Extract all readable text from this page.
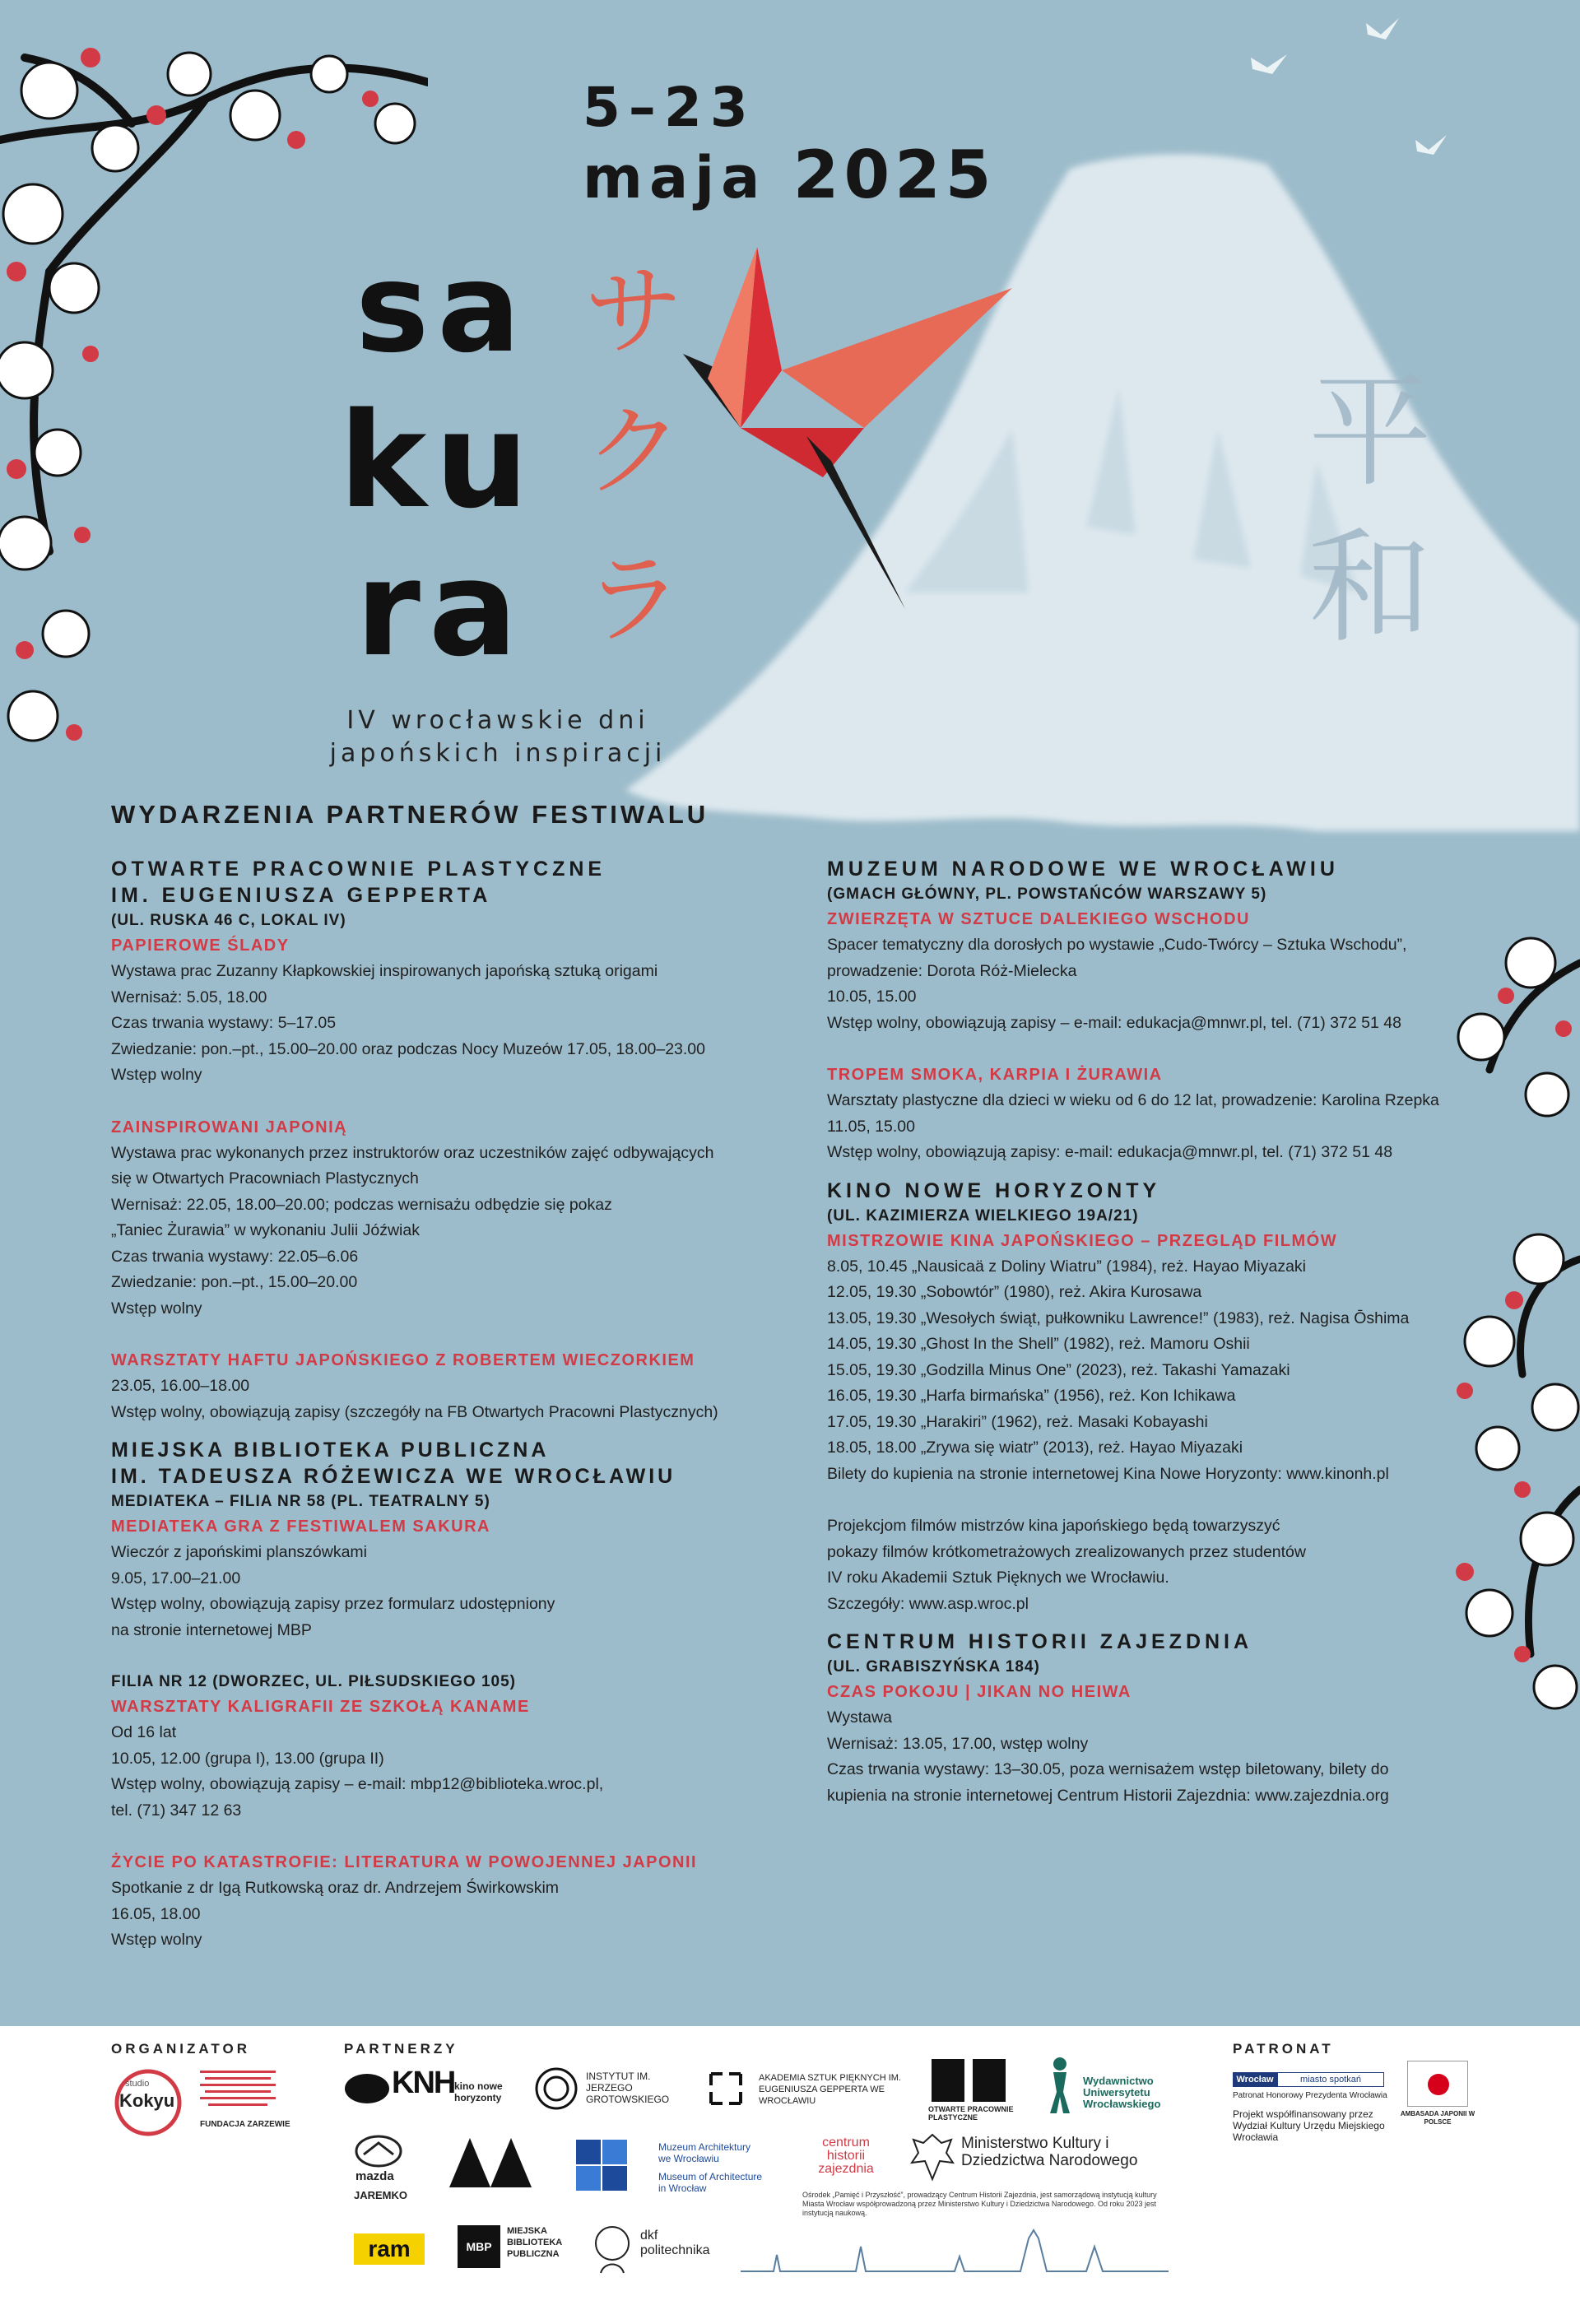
平
和
5–23
maja 2025
sa
ku
ra
サ
ク
ラ
IV wrocławskie dni
japońskich inspiracji
WYDARZENIA PARTNERÓW FESTIWALU
OTWARTE PRACOWNIE PLASTYCZNE
IM. EUGENIUSZA GEPPERTA
(UL. RUSKA 46 C, LOKAL IV)
PAPIEROWE ŚLADY
Wystawa prac Zuzanny Kłapkowskiej inspirowanych japońską sztuką origami
Wernisaż: 5.05, 18.00
Czas trwania wystawy: 5–17.05
Zwiedzanie: pon.–pt., 15.00–20.00 oraz podczas Nocy Muzeów 17.05, 18.00–23.00
Wstęp wolny
ZAINSPIROWANI JAPONIĄ
Wystawa prac wykonanych przez instruktorów oraz uczestników zajęć odbywających
się w Otwartych Pracowniach Plastycznych
Wernisaż: 22.05, 18.00–20.00; podczas wernisażu odbędzie się pokaz
„Taniec Żurawia” w wykonaniu Julii Jóźwiak
Czas trwania wystawy: 22.05–6.06
Zwiedzanie: pon.–pt., 15.00–20.00
Wstęp wolny
WARSZTATY HAFTU JAPOŃSKIEGO Z ROBERTEM WIECZORKIEM
23.05, 16.00–18.00
Wstęp wolny, obowiązują zapisy (szczegóły na FB Otwartych Pracowni Plastycznych)
MIEJSKA BIBLIOTEKA PUBLICZNA
IM. TADEUSZA RÓŻEWICZA WE WROCŁAWIU
MEDIATEKA – FILIA NR 58 (PL. TEATRALNY 5)
MEDIATEKA GRA Z FESTIWALEM SAKURA
Wieczór z japońskimi planszówkami
9.05, 17.00–21.00
Wstęp wolny, obowiązują zapisy przez formularz udostępniony
na stronie internetowej MBP
FILIA NR 12 (DWORZEC, UL. PIŁSUDSKIEGO 105)
WARSZTATY KALIGRAFII ZE SZKOŁĄ KANAME
Od 16 lat
10.05, 12.00 (grupa I), 13.00 (grupa II)
Wstęp wolny, obowiązują zapisy – e-mail: mbp12@biblioteka.wroc.pl,
tel. (71) 347 12 63
ŻYCIE PO KATASTROFIE: LITERATURA W POWOJENNEJ JAPONII
Spotkanie z dr Igą Rutkowską oraz dr. Andrzejem Świrkowskim
16.05, 18.00
Wstęp wolny
MUZEUM NARODOWE WE WROCŁAWIU
(GMACH GŁÓWNY, PL. POWSTAŃCÓW WARSZAWY 5)
ZWIERZĘTA W SZTUCE DALEKIEGO WSCHODU
Spacer tematyczny dla dorosłych po wystawie „Cudo-Twórcy – Sztuka Wschodu”,
prowadzenie: Dorota Róż-Mielecka
10.05, 15.00
Wstęp wolny, obowiązują zapisy – e-mail: edukacja@mnwr.pl, tel. (71) 372 51 48
TROPEM SMOKA, KARPIA I ŻURAWIA
Warsztaty plastyczne dla dzieci w wieku od 6 do 12 lat, prowadzenie: Karolina Rzepka
11.05, 15.00
Wstęp wolny, obowiązują zapisy: e-mail: edukacja@mnwr.pl, tel. (71) 372 51 48
KINO NOWE HORYZONTY
(UL. KAZIMIERZA WIELKIEGO 19A/21)
MISTRZOWIE KINA JAPOŃSKIEGO – PRZEGLĄD FILMÓW
8.05, 10.45 „Nausicaä z Doliny Wiatru” (1984), reż. Hayao Miyazaki
12.05, 19.30 „Sobowtór” (1980), reż. Akira Kurosawa
13.05, 19.30 „Wesołych świąt, pułkowniku Lawrence!” (1983), reż. Nagisa Ōshima
14.05, 19.30 „Ghost In the Shell” (1982), reż. Mamoru Oshii
15.05, 19.30 „Godzilla Minus One” (2023), reż. Takashi Yamazaki
16.05, 19.30 „Harfa birmańska” (1956), reż. Kon Ichikawa
17.05, 19.30 „Harakiri” (1962), reż. Masaki Kobayashi
18.05, 18.00 „Zrywa się wiatr” (2013), reż. Hayao Miyazaki
Bilety do kupienia na stronie internetowej Kina Nowe Horyzonty: www.kinonh.pl
Projekcjom filmów mistrzów kina japońskiego będą towarzyszyć
pokazy filmów krótkometrażowych zrealizowanych przez studentów
IV roku Akademii Sztuk Pięknych we Wrocławiu.
Szczegóły: www.asp.wroc.pl
CENTRUM HISTORII ZAJEZDNIA
(UL. GRABISZYŃSKA 184)
CZAS POKOJU | JIKAN NO HEIWA
Wystawa
Wernisaż: 13.05, 17.00, wstęp wolny
Czas trwania wystawy: 13–30.05, poza wernisażem wstęp biletowany, bilety do
kupienia na stronie internetowej Centrum Historii Zajezdnia: www.zajezdnia.org
ORGANIZATOR	PARTNERZY	PATRONAT
Kokyu
studio
FUNDACJA ZARZEWIE
KNH kino nowe horyzonty
INSTYTUT IM. JERZEGO GROTOWSKIEGO
AKADEMIA SZTUK PIĘKNYCH IM. EUGENIUSZA GEPPERTA WE WROCŁAWIU
OTWARTE PRACOWNIE PLASTYCZNE
Wydawnictwo Uniwersytetu Wrocławskiego
mazda
JAREMKO
Muzeum Architektury we Wrocławiu
Museum of Architecture in Wrocław
centrum historii zajezdnia
Ministerstwo Kultury i Dziedzictwa Narodowego
Ośrodek „Pamięć i Przyszłość”, prowadzący Centrum Historii Zajezdnia, jest samorządową instytucją kultury Miasta Wrocław współprowadzoną przez Ministerstwo Kultury i Dziedzictwa Narodowego. Od roku 2023 jest instytucją naukową.
ram	MBP
MIEJSKA BIBLIOTEKA PUBLICZNA
dkf politechnika
Wrocław	miasto spotkań
Patronat Honorowy Prezydenta Wrocławia
Projekt współfinansowany przez Wydział Kultury Urzędu Miejskiego Wrocławia
AMBASADA JAPONII W POLSCE
